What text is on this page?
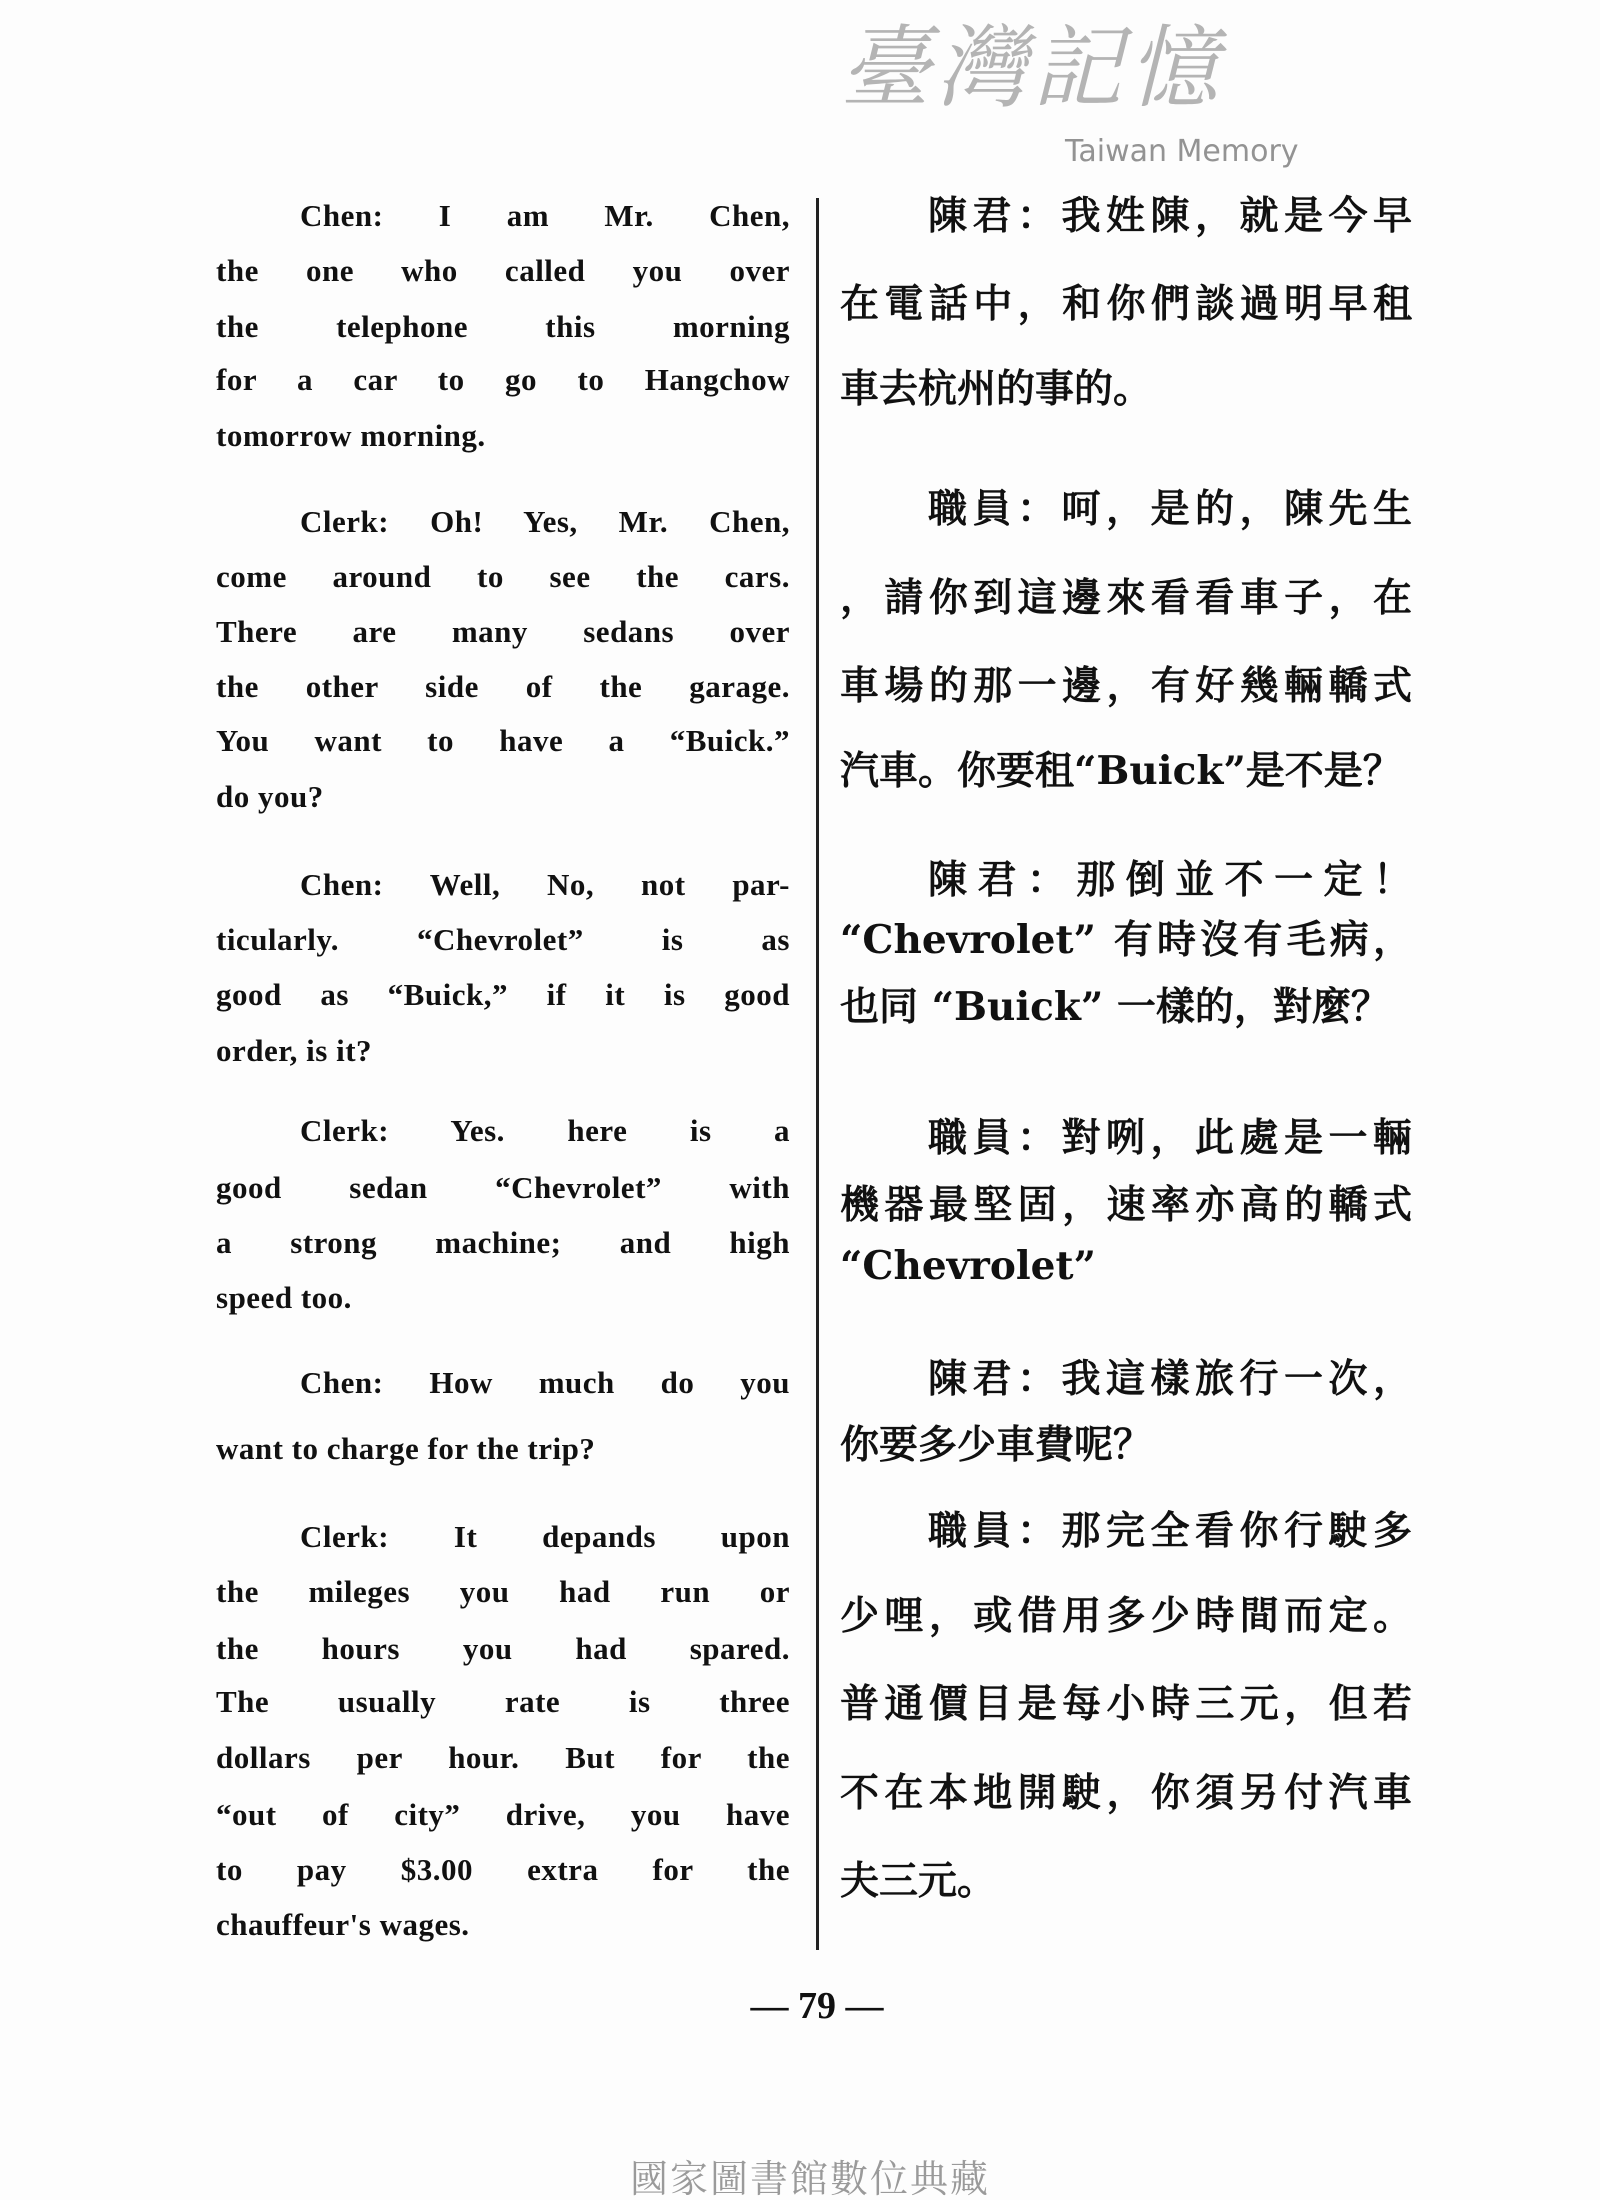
Chen: I am Mr. Chen,
the one who called you over
the telephone this morning
for a car to go to Hangchow
tomorrow morning.
Clerk: Oh! Yes, Mr. Chen,
come around to see the cars.
There are many sedans over
the other side of the garage.
You want to have a “Buick.”
do you?
Chen: Well, No, not par-
ticularly. “Chevrolet” is as
good as “Buick,” if it is good
order, is it?
Clerk: Yes. here is a
good sedan “Chevrolet” with
a strong machine; and high
speed too.
Chen: How much do you
want to charge for the trip?
Clerk: It depands upon
the mileges you had run or
the hours you had spared.
The usually rate is three
dollars per hour. But for the
“out of city” drive, you have
to pay $3.00 extra for the
chauffeur's wages.
陳君：我姓陳，就是今早
在電話中，和你們談過明早租
車去杭州的事的。
職員：呵，是的，陳先生
，請你到這邊來看看車子，在
車場的那一邊，有好幾輛轎式
汽車。你要租“Buick”是不是？
陳君：那倒並不一定！
“Chevrolet” 有時沒有毛病，
也同 “Buick” 一樣的，對麼？
職員：對咧，此處是一輛
機器最堅固，速率亦高的轎式
“Chevrolet”
陳君：我這樣旅行一次，
你要多少車費呢？
職員：那完全看你行駛多
少哩，或借用多少時間而定。
普通價目是每小時三元，但若
不在本地開駛，你須另付汽車
夫三元。
臺灣記憶
Taiwan Memory
— 79 —
國家圖書館數位典藏
